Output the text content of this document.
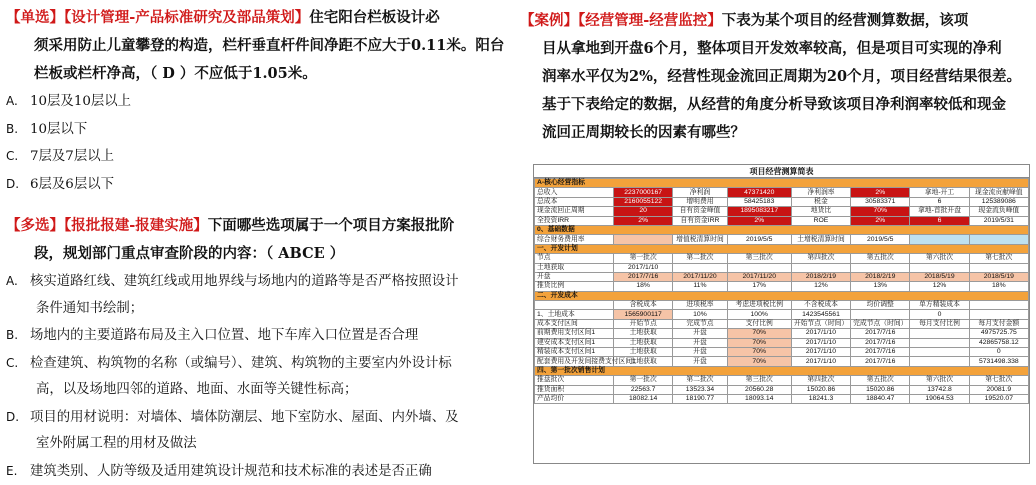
【单选】【设计管理-产品标准研究及部品策划】住宅阳台栏板设计必
须采用防止儿童攀登的构造，栏杆垂直杆件间净距不应大于0.11米。阳台
栏板或栏杆净高，（ D ）不应低于1.05米。
A. 10层及10层以上
B. 10层以下
C. 7层及7层以上
D. 6层及6层以下
【多选】【报批报建-报建实施】下面哪些选项属于一个项目方案报批阶
段，规划部门重点审查阶段的内容：（ ABCE ）
A. 核实道路红线、建筑红线或用地界线与场地内的道路等是否严格按照设计
条件通知书绘制；
B. 场地内的主要道路布局及主入口位置、地下车库入口位置是否合理
C. 检查建筑、构筑物的名称（或编号）、建筑、构筑物的主要室内外设计标
高，以及场地四邻的道路、地面、水面等关键性标高；
D. 项目的用材说明：对墙体、墙体防潮层、地下室防水、屋面、内外墙、及
室外附属工程的用材及做法
E. 建筑类别、人防等级及适用建筑设计规范和技术标准的表述是否正确
【案例】【经营管理-经营监控】下表为某个项目的经营测算数据，该项
目从拿地到开盘6个月，整体项目开发效率较高，但是项目可实现的净利
润率水平仅为2%，经营性现金流回正周期为20个月，项目经营结果很差。
基于下表给定的数据，从经营的角度分析导致该项目净利润率较低和现金
流回正周期较长的因素有哪些？
项目经营测算简表
A-核心经营指标							
总收入	2237000167	净利润	47371420	净利润率	2%	拿地-开工	现金流贡献峰值
总成本	2160055122	增明费用	58425183	税金	30583371	6	125389086
现金流回正周期	20	自有资金峰值	1895083217	地货比	70%	拿地-首批开盘	现金流负峰值
全投资IRR	2%	自有资金IRR	2%	ROE	2%	6	2019/5/31
0、基础数据							
综合财务费用率		增值税清算时间	2019/5/5	土增税清算时间	2019/5/5		
一、开发计划							
节点	第一批次	第二批次	第三批次	第四批次	第五批次	第六批次	第七批次
土地获取	2017/1/10						
开盘	2017/7/16	2017/11/20	2017/11/20	2018/2/19	2018/2/19	2018/5/19	2018/5/19
推货比例	18%	11%	17%	12%	13%	12%	18%
二、开发成本							
	含税成本	进项税率	考虑进项税比例	不含税成本	均价调整	单方精装成本	
1、土地成本	1565900117	10%	100%	1423545561		0	
成本支付区间	开始节点	完成节点	支付比例	开始节点（时间）	完成节点（时间）	每月支付比例	每月支付金额
前期费用支付区间1	土地获取	开盘	70%	2017/1/10	2017/7/16		4975725.75
建安成本支付区间1	土地获取	开盘	70%	2017/1/10	2017/7/16		42865758.12
精装成本支付区间1	土地获取	开盘	70%	2017/1/10	2017/7/16		0
配套费用及开发间接费支付区间1	土地获取	开盘	70%	2017/1/10	2017/7/16		5731498.338
四、第一批次销售计划							
推盘批次	第一批次	第二批次	第三批次	第四批次	第五批次	第六批次	第七批次
推货面积	22563.7	13523.34	20560.28	15020.86	15020.86	13742.8	20081.9
产品均价	18082.14	18190.77	18093.14	18241.3	18840.47	19064.53	19520.07
